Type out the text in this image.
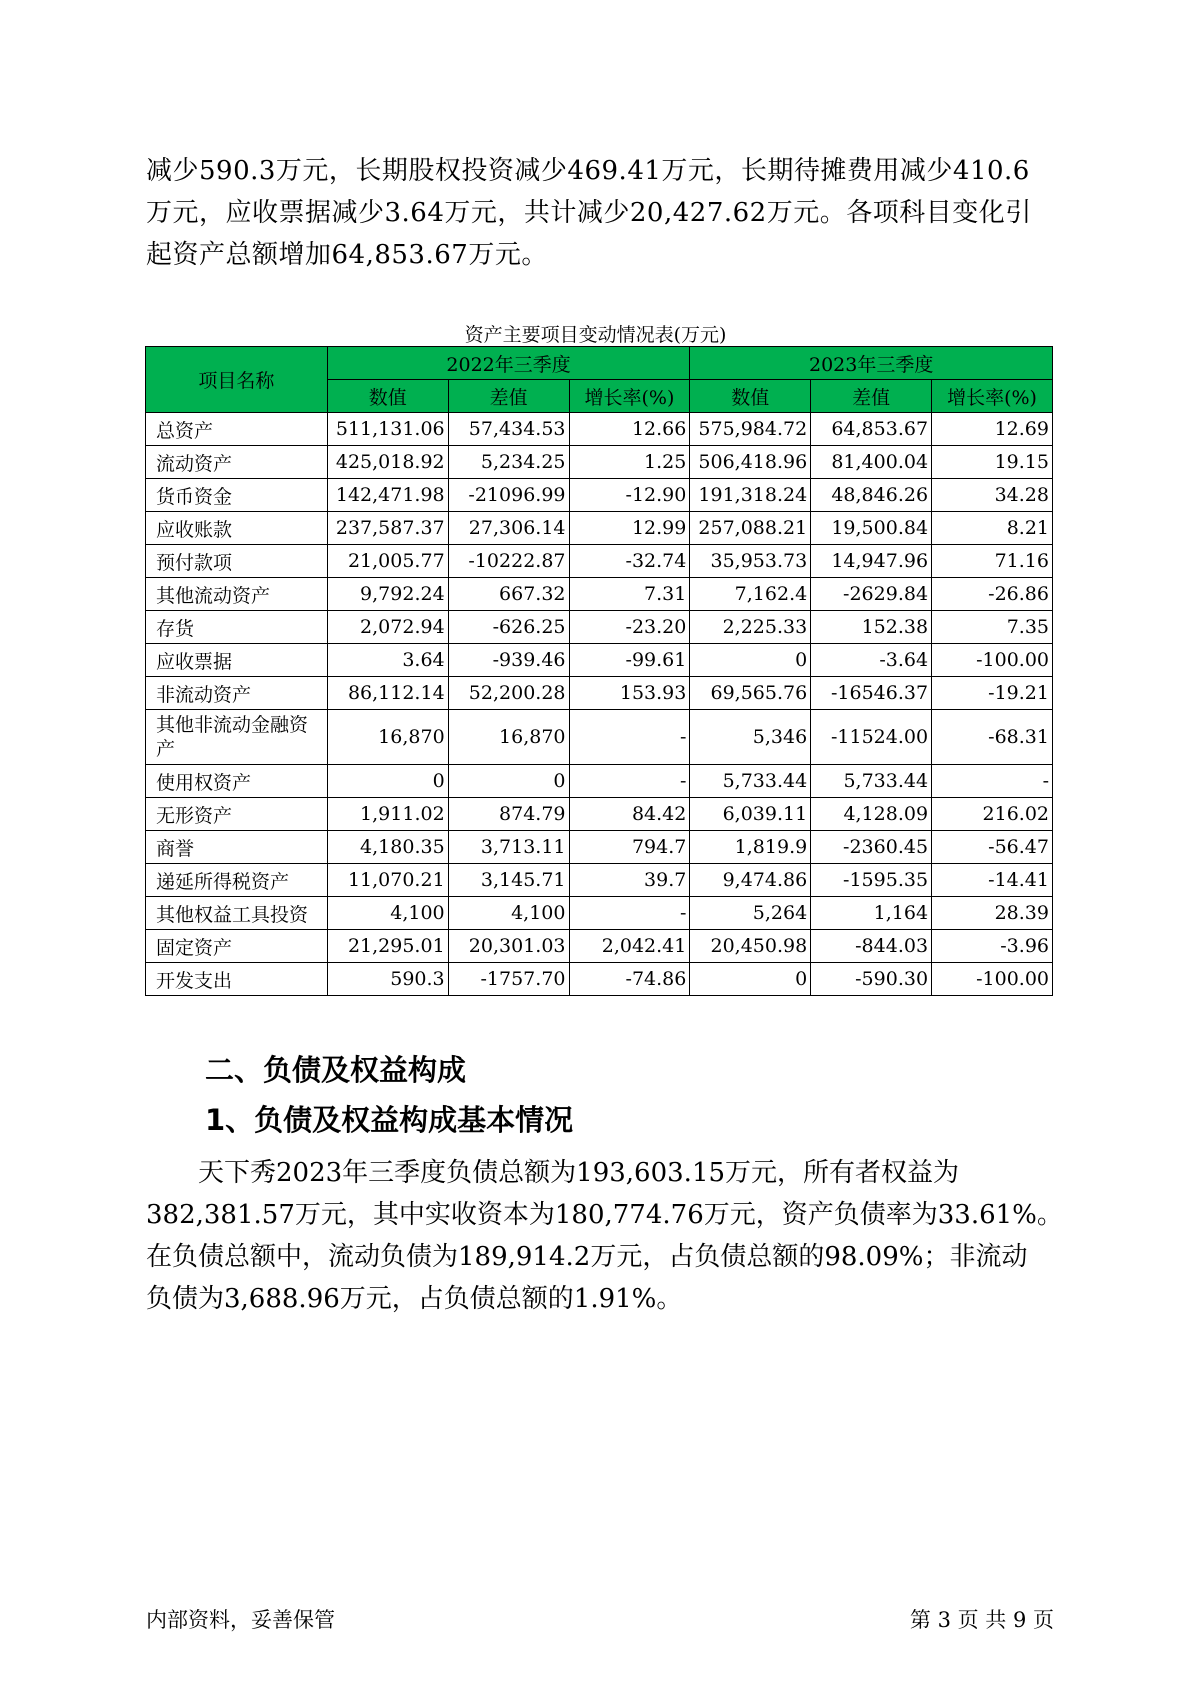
减少590.3万元，长期股权投资减少469.41万元，长期待摊费用减少410.6
万元，应收票据减少3.64万元，共计减少20,427.62万元。各项科目变化引
起资产总额增加64,853.67万元。
资产主要项目变动情况表(万元)
项目名称	2022年三季度			2023年三季度		
	数值	差值	增长率(%)	数值	差值	增长率(%)
总资产	511,131.06	57,434.53	12.66	575,984.72	64,853.67	12.69
流动资产	425,018.92	5,234.25	1.25	506,418.96	81,400.04	19.15
货币资金	142,471.98	-21096.99	-12.90	191,318.24	48,846.26	34.28
应收账款	237,587.37	27,306.14	12.99	257,088.21	19,500.84	8.21
预付款项	21,005.77	-10222.87	-32.74	35,953.73	14,947.96	71.16
其他流动资产	9,792.24	667.32	7.31	7,162.4	-2629.84	-26.86
存货	2,072.94	-626.25	-23.20	2,225.33	152.38	7.35
应收票据	3.64	-939.46	-99.61	0	-3.64	-100.00
非流动资产	86,112.14	52,200.28	153.93	69,565.76	-16546.37	-19.21
其他非流动金融资产	16,870	16,870	-	5,346	-11524.00	-68.31
使用权资产	0	0	-	5,733.44	5,733.44	-
无形资产	1,911.02	874.79	84.42	6,039.11	4,128.09	216.02
商誉	4,180.35	3,713.11	794.7	1,819.9	-2360.45	-56.47
递延所得税资产	11,070.21	3,145.71	39.7	9,474.86	-1595.35	-14.41
其他权益工具投资	4,100	4,100	-	5,264	1,164	28.39
固定资产	21,295.01	20,301.03	2,042.41	20,450.98	-844.03	-3.96
开发支出	590.3	-1757.70	-74.86	0	-590.30	-100.00
二、负债及权益构成
1、负债及权益构成基本情况
天下秀2023年三季度负债总额为193,603.15万元，所有者权益为
382,381.57万元，其中实收资本为180,774.76万元，资产负债率为33.61%。
在负债总额中，流动负债为189,914.2万元，占负债总额的98.09%；非流动
负债为3,688.96万元，占负债总额的1.91%。
内部资料，妥善保管	第 3 页 共 9 页
